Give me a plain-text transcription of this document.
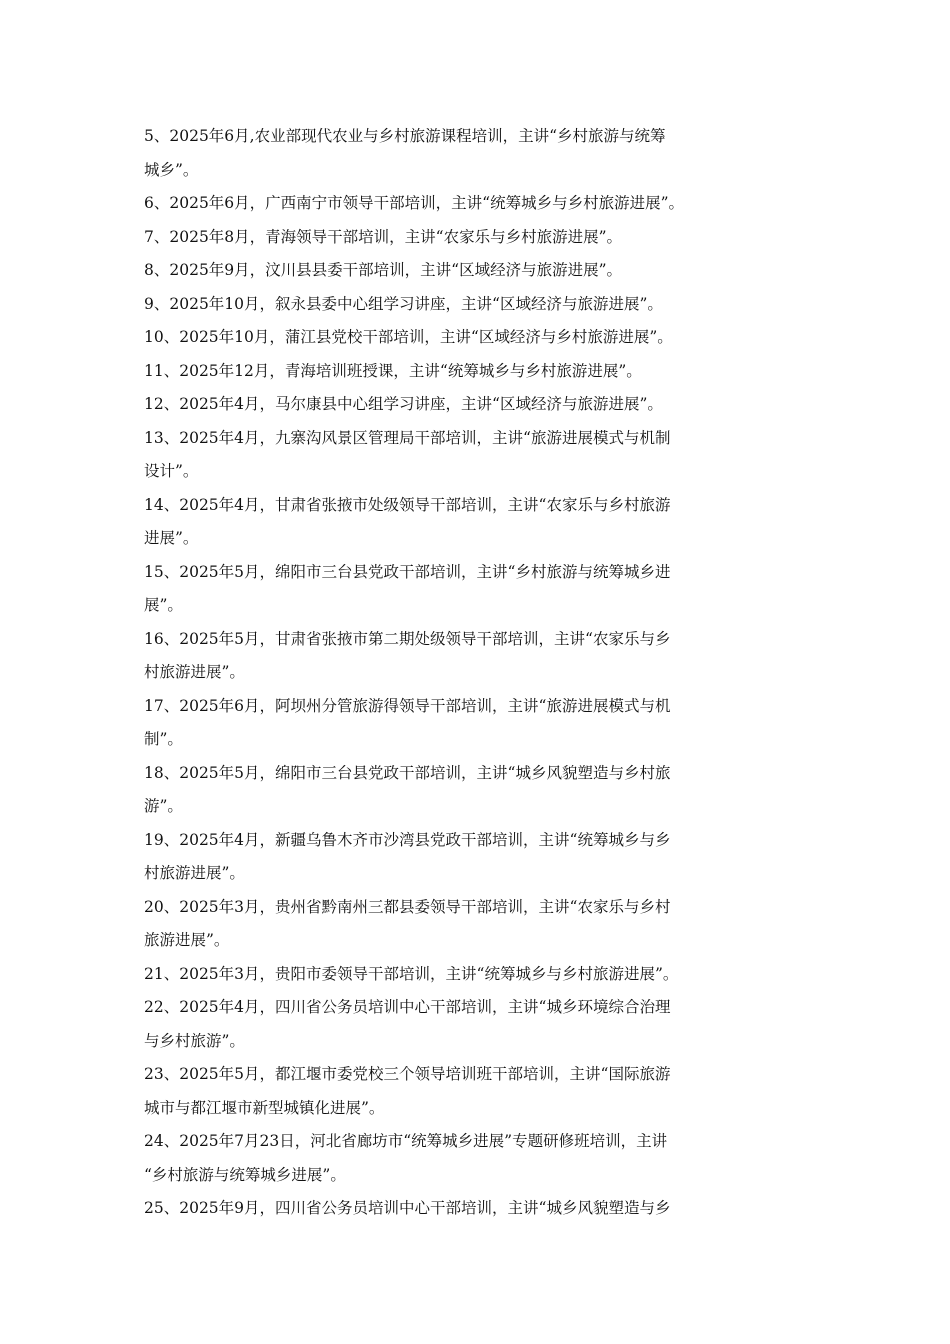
5、2025年6月,农业部现代农业与乡村旅游课程培训，主讲“乡村旅游与统筹
城乡”。
6、2025年6月，广西南宁市领导干部培训，主讲“统筹城乡与乡村旅游进展”。
7、2025年8月，青海领导干部培训，主讲“农家乐与乡村旅游进展”。
8、2025年9月，汶川县县委干部培训，主讲“区域经济与旅游进展”。
9、2025年10月，叙永县委中心组学习讲座，主讲“区域经济与旅游进展”。
10、2025年10月，蒲江县党校干部培训，主讲“区域经济与乡村旅游进展”。
11、2025年12月，青海培训班授课，主讲“统筹城乡与乡村旅游进展”。
12、2025年4月，马尔康县中心组学习讲座，主讲“区域经济与旅游进展”。
13、2025年4月，九寨沟风景区管理局干部培训，主讲“旅游进展模式与机制
设计”。
14、2025年4月，甘肃省张掖市处级领导干部培训，主讲“农家乐与乡村旅游
进展”。
15、2025年5月，绵阳市三台县党政干部培训，主讲“乡村旅游与统筹城乡进
展”。
16、2025年5月，甘肃省张掖市第二期处级领导干部培训，主讲“农家乐与乡
村旅游进展”。
17、2025年6月，阿坝州分管旅游得领导干部培训，主讲“旅游进展模式与机
制”。
18、2025年5月，绵阳市三台县党政干部培训，主讲“城乡风貌塑造与乡村旅
游”。
19、2025年4月，新疆乌鲁木齐市沙湾县党政干部培训，主讲“统筹城乡与乡
村旅游进展”。
20、2025年3月，贵州省黔南州三都县委领导干部培训，主讲“农家乐与乡村
旅游进展”。
21、2025年3月，贵阳市委领导干部培训，主讲“统筹城乡与乡村旅游进展”。
22、2025年4月，四川省公务员培训中心干部培训，主讲“城乡环境综合治理
与乡村旅游”。
23、2025年5月，都江堰市委党校三个领导培训班干部培训，主讲“国际旅游
城市与都江堰市新型城镇化进展”。
24、2025年7月23日，河北省廊坊市“统筹城乡进展”专题研修班培训，主讲
“乡村旅游与统筹城乡进展”。
25、2025年9月，四川省公务员培训中心干部培训，主讲“城乡风貌塑造与乡
